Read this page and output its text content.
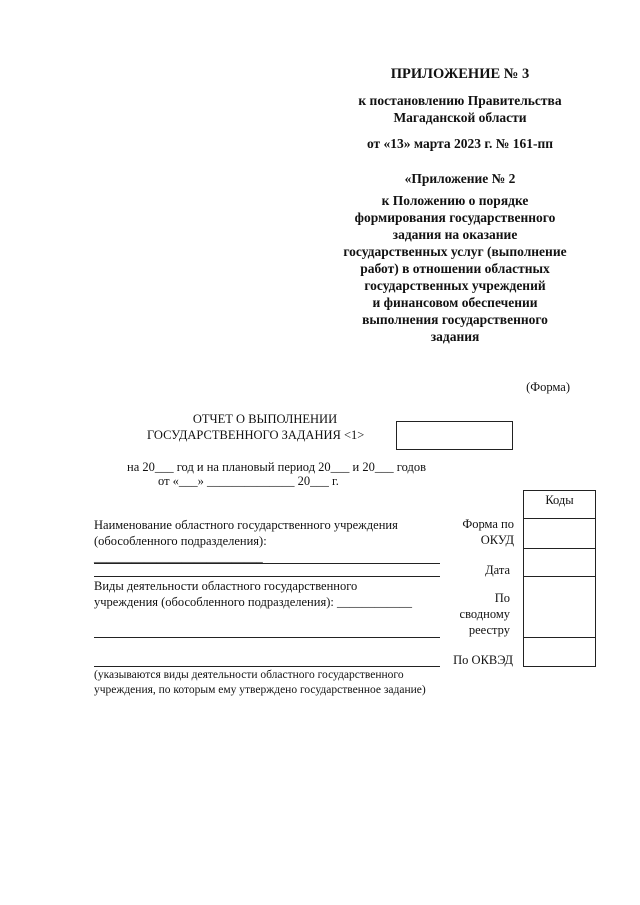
ПРИЛОЖЕНИЕ № 3
к постановлению Правительства
Магаданской области
от «13» марта 2023 г. № 161-пп
«Приложение № 2
к Положению о порядке
формирования государственного
задания на оказание
государственных услуг (выполнение
работ) в отношении областных
государственных учреждений
и финансовом обеспечении
выполнения государственного
задания
(Форма)
ОТЧЕТ О ВЫПОЛНЕНИИ
ГОСУДАРСТВЕННОГО ЗАДАНИЯ <1>
на 20___ год и на плановый период 20___ и 20___ годов
от «___» ______________ 20___ г.
Коды
Форма по
ОКУД
Дата
По
сводному
реестру
По ОКВЭД
Наименование областного государственного учреждения
(обособленного подразделения): ___________________________
Виды деятельности областного государственного
учреждения (обособленного подразделения): ____________
(указываются виды деятельности областного государственного
учреждения, по которым ему утверждено государственное задание)
